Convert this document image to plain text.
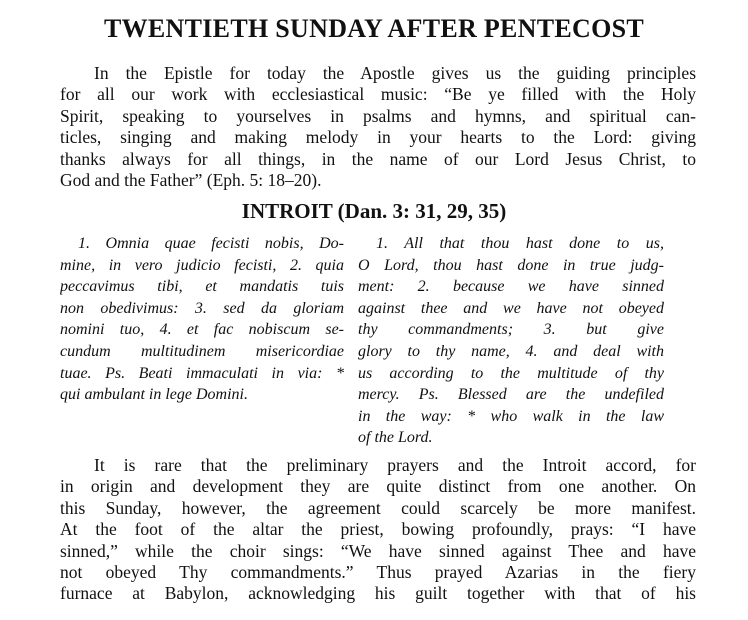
TWENTIETH SUNDAY AFTER PENTECOST
In the Epistle for today the Apostle gives us the guiding principles
for all our work with ecclesiastical music: “Be ye filled with the Holy
Spirit, speaking to yourselves in psalms and hymns, and spiritual can-
ticles, singing and making melody in your hearts to the Lord: giving
thanks always for all things, in the name of our Lord Jesus Christ, to
God and the Father” (Eph. 5: 18–20).
INTROIT (Dan. 3: 31, 29, 35)
1. Omnia quae fecisti nobis, Do-
mine, in vero judicio fecisti, 2. quia
peccavimus tibi, et mandatis tuis
non obedivimus: 3. sed da gloriam
nomini tuo, 4. et fac nobiscum se-
cundum multitudinem misericordiae
tuae. Ps. Beati immaculati in via: *
qui ambulant in lege Domini.
1. All that thou hast done to us,
O Lord, thou hast done in true judg-
ment: 2. because we have sinned
against thee and we have not obeyed
thy commandments; 3. but give
glory to thy name, 4. and deal with
us according to the multitude of thy
mercy. Ps. Blessed are the undefiled
in the way: * who walk in the law
of the Lord.
It is rare that the preliminary prayers and the Introit accord, for
in origin and development they are quite distinct from one another. On
this Sunday, however, the agreement could scarcely be more manifest.
At the foot of the altar the priest, bowing profoundly, prays: “I have
sinned,” while the choir sings: “We have sinned against Thee and have
not obeyed Thy commandments.” Thus prayed Azarias in the fiery
furnace at Babylon, acknowledging his guilt together with that of his
